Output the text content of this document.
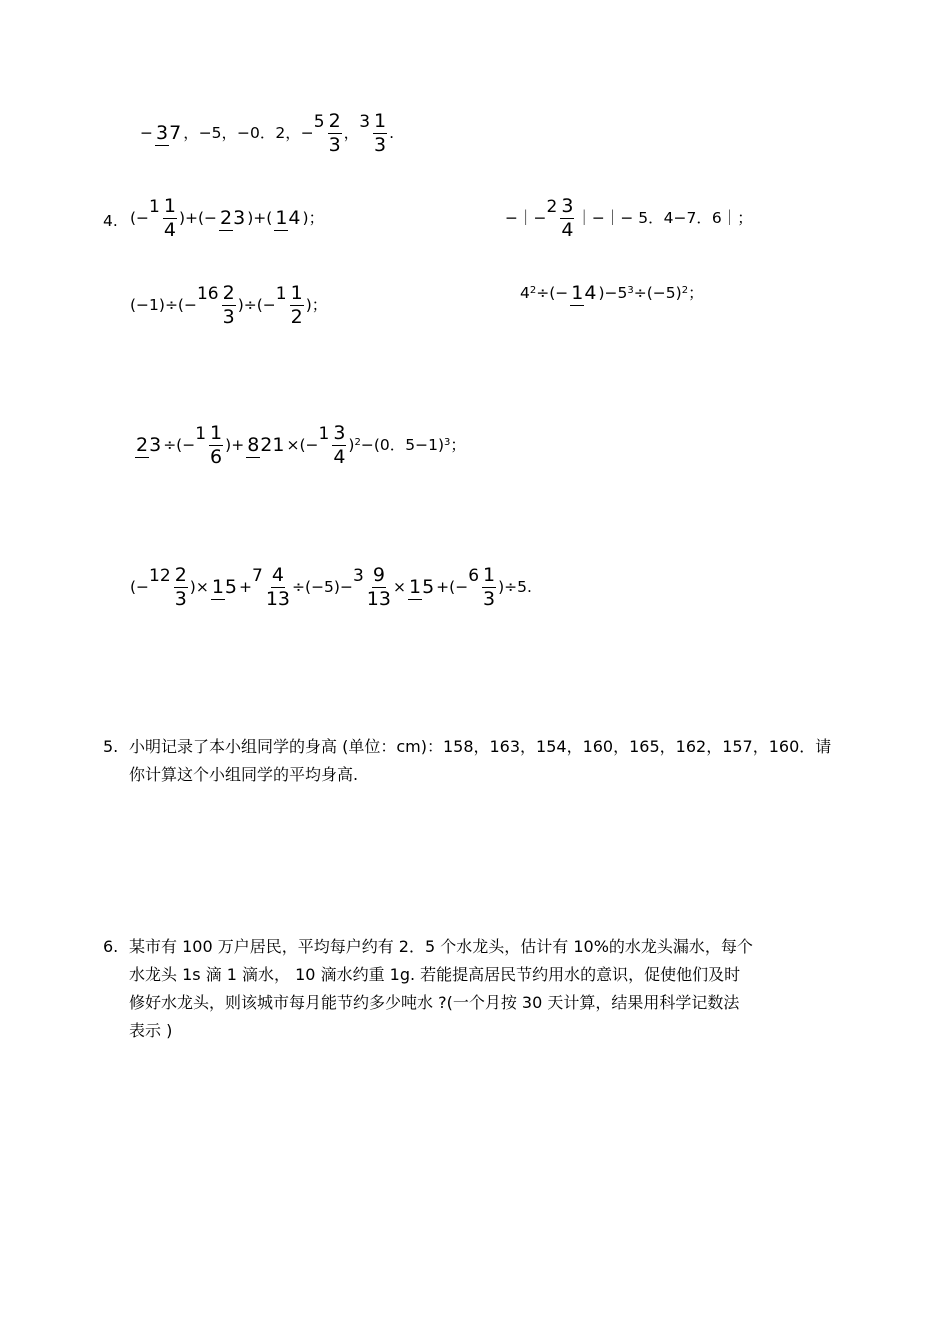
− 37 ，−5，−0．2， −
$5 \frac{2}{3}$ ，
$3 \frac{1}{3}$ .
4. (−
$1 \frac{1}{4}$ )+(− 23 )+( 14 )；	−｜−
$2 \frac{3}{4}$ ｜−｜− 5．4−7．6｜；
(−1)÷(−
$16 \frac{2}{3}$ )÷(−
$1 \frac{1}{2}$ )；
$4^2$ ÷(− 14 )$-5^3 \div(-5)^2$ ；
23 ÷(−
$1 \frac{1}{6}$ )+ 821 ×(−
$1 \frac{3}{4} )^2 -(0$．5−1)$^3$ ；
(−
$12 \frac{2}{3}$ )× 15 +
$7 \frac{4}{13} \div(-5)-$
$3 \frac{9}{13} \times 15$ +(−
$6 \frac{1}{3} )\div 5$.
5. 小明记录了本小组同学的身高 (单位：cm)：158，163，154，160，165，162，157，160．请
你计算这个小组同学的平均身高.
6. 某市有 100 万户居民，平均每户约有 2．5 个水龙头，估计有 10%的水龙头漏水，每个
水龙头 1s 滴 1 滴水， 10 滴水约重 1g. 若能提高居民节约用水的意识，促使他们及时
修好水龙头，则该城市每月能节约多少吨水 ?(一个月按 30 天计算，结果用科学记数法
表示 )
